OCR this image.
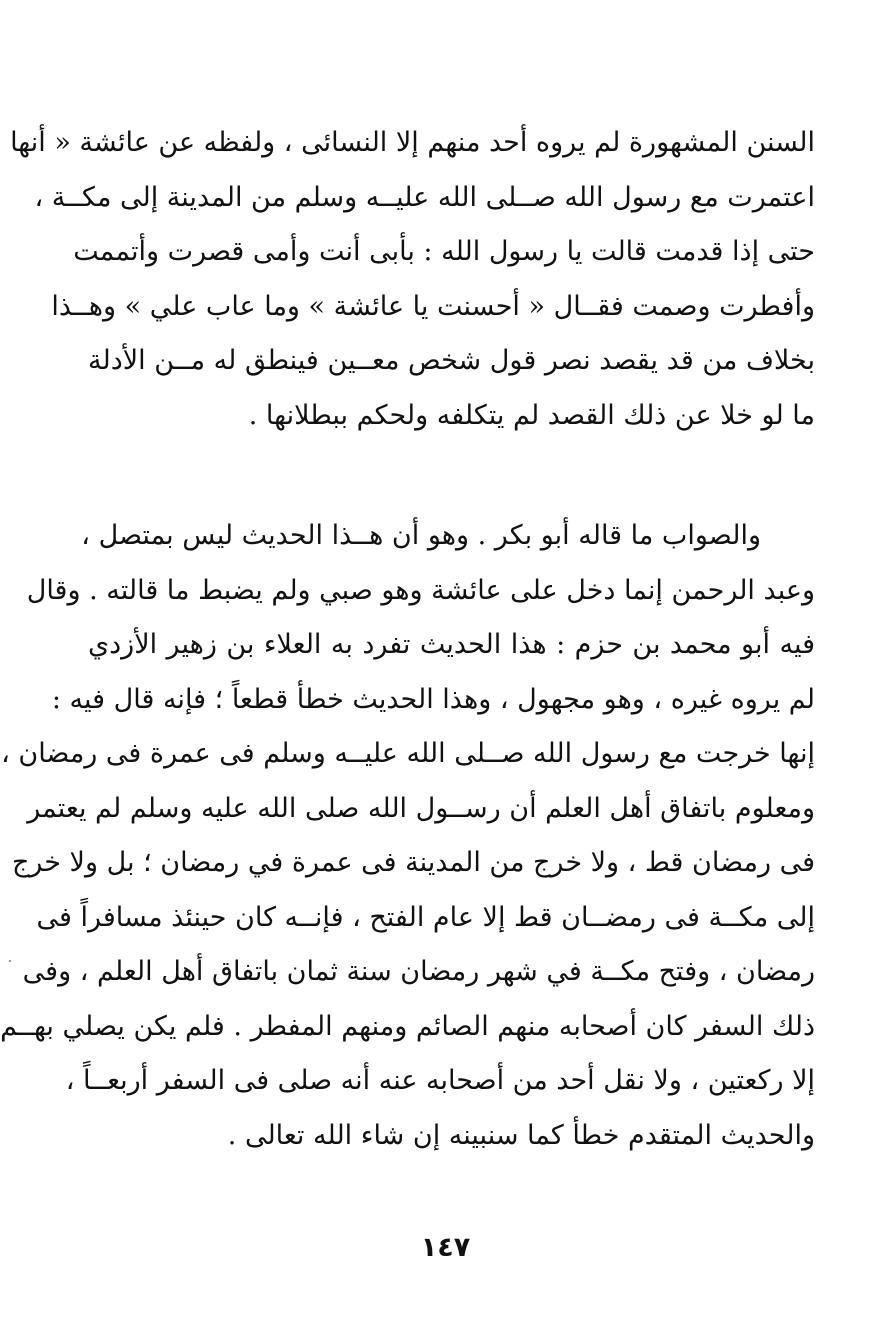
السنن المشهورة لم يروه أحد منهم إلا النسائى ، ولفظه عن عائشة « أنها
اعتمرت مع رسول الله صــلى الله عليــه وسلم من المدينة إلى مكــة ،
حتى إذا قدمت قالت يا رسول الله : بأبى أنت وأمى قصرت وأتممت
وأفطرت وصمت فقــال « أحسنت يا عائشة » وما عاب علي » وهــذا
بخلاف من قد يقصد نصر قول شخص معــين فينطق له مــن الأدلة
ما لو خلا عن ذلك القصد لم يتكلفه ولحكم ببطلانها .
والصواب ما قاله أبو بكر . وهو أن هــذا الحديث ليس بمتصل ،
وعبد الرحمن إنما دخل على عائشة وهو صبي ولم يضبط ما قالته . وقال
فيه أبو محمد بن حزم : هذا الحديث تفرد به العلاء بن زهير الأزدي
لم يروه غيره ، وهو مجهول ، وهذا الحديث خطأ قطعاً ؛ فإنه قال فيه :
إنها خرجت مع رسول الله صــلى الله عليــه وسلم فى عمرة فى رمضان ،
ومعلوم باتفاق أهل العلم أن رســول الله صلى الله عليه وسلم لم يعتمر
فى رمضان قط ، ولا خرج من المدينة فى عمرة في رمضان ؛ بل ولا خرج
إلى مكــة فى رمضــان قط إلا عام الفتح ، فإنــه كان حينئذ مسافراً فى
رمضان ، وفتح مكــة في شهر رمضان سنة ثمان باتفاق أهل العلم ، وفى
ذلك السفر كان أصحابه منهم الصائم ومنهم المفطر . فلم يكن يصلي بهــم
إلا ركعتين ، ولا نقل أحد من أصحابه عنه أنه صلى فى السفر أربعــاً ،
والحديث المتقدم خطأ كما سنبينه إن شاء الله تعالى .
١٤٧
